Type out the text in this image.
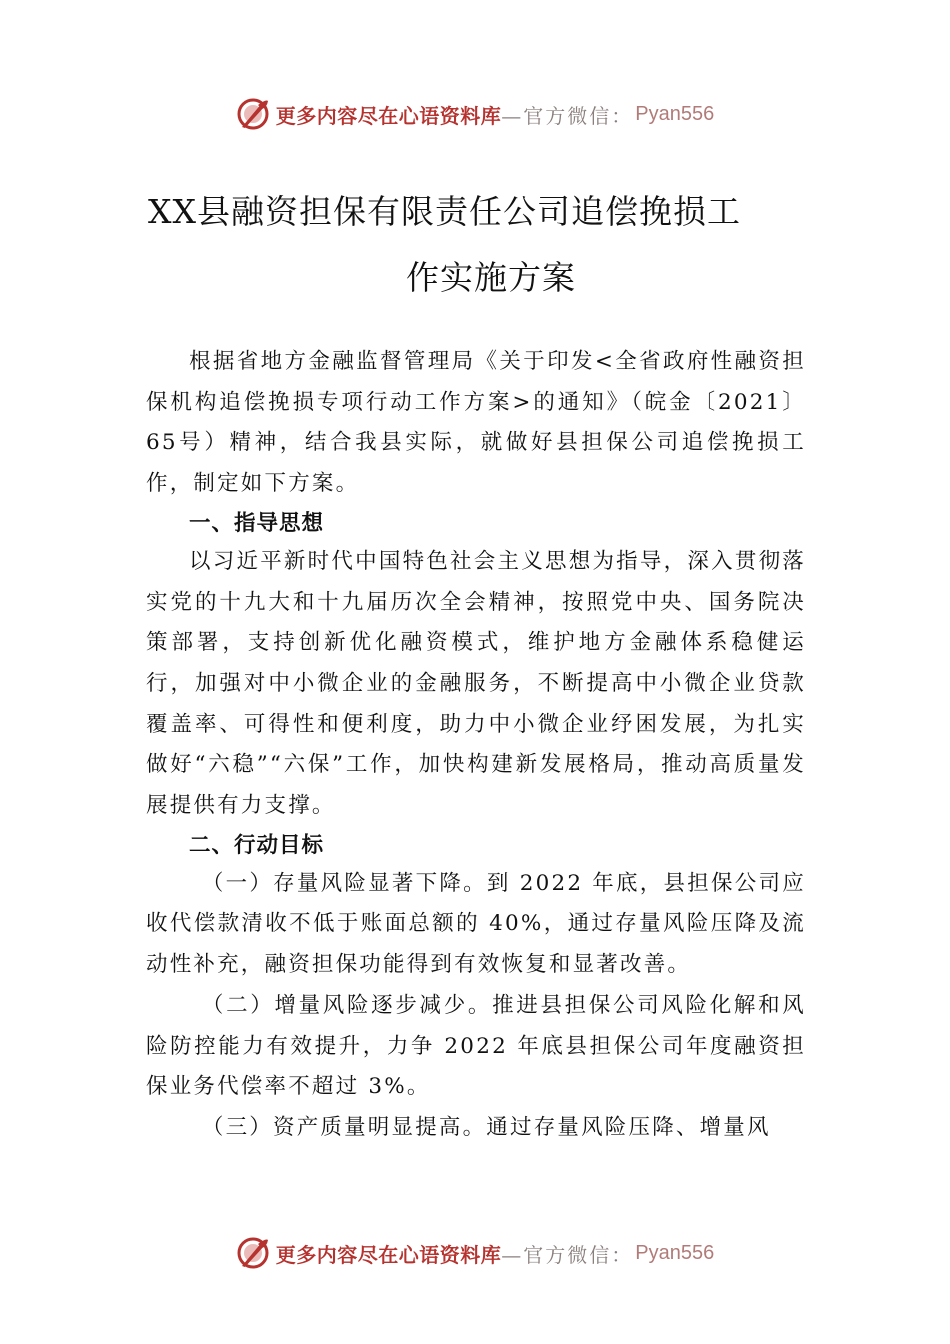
更多内容尽在心语资料库 —官方微信： Pyan556
XX县融资担保有限责任公司追偿挽损工
作实施方案

根据省地方金融监督管理局《关于印发<全省政府性融资担保机构追偿挽损专项行动工作方案>的通知》（皖金〔2021〕65号）精神，结合我县实际，就做好县担保公司追偿挽损工作，制定如下方案。

一、指导思想

以习近平新时代中国特色社会主义思想为指导，深入贯彻落实党的十九大和十九届历次全会精神，按照党中央、国务院决策部署，支持创新优化融资模式，维护地方金融体系稳健运行，加强对中小微企业的金融服务，不断提高中小微企业贷款覆盖率、可得性和便利度，助力中小微企业纾困发展，为扎实做好“六稳”“六保”工作，加快构建新发展格局，推动高质量发展提供有力支撑。

二、行动目标

（一）存量风险显著下降。到 2022 年底，县担保公司应收代偿款清收不低于账面总额的 40%，通过存量风险压降及流动性补充，融资担保功能得到有效恢复和显著改善。

（二）增量风险逐步减少。推进县担保公司风险化解和风险防控能力有效提升，力争 2022 年底县担保公司年度融资担保业务代偿率不超过 3%。

（三）资产质量明显提高。通过存量风险压降、增量风

更多内容尽在心语资料库 —官方微信： Pyan556
